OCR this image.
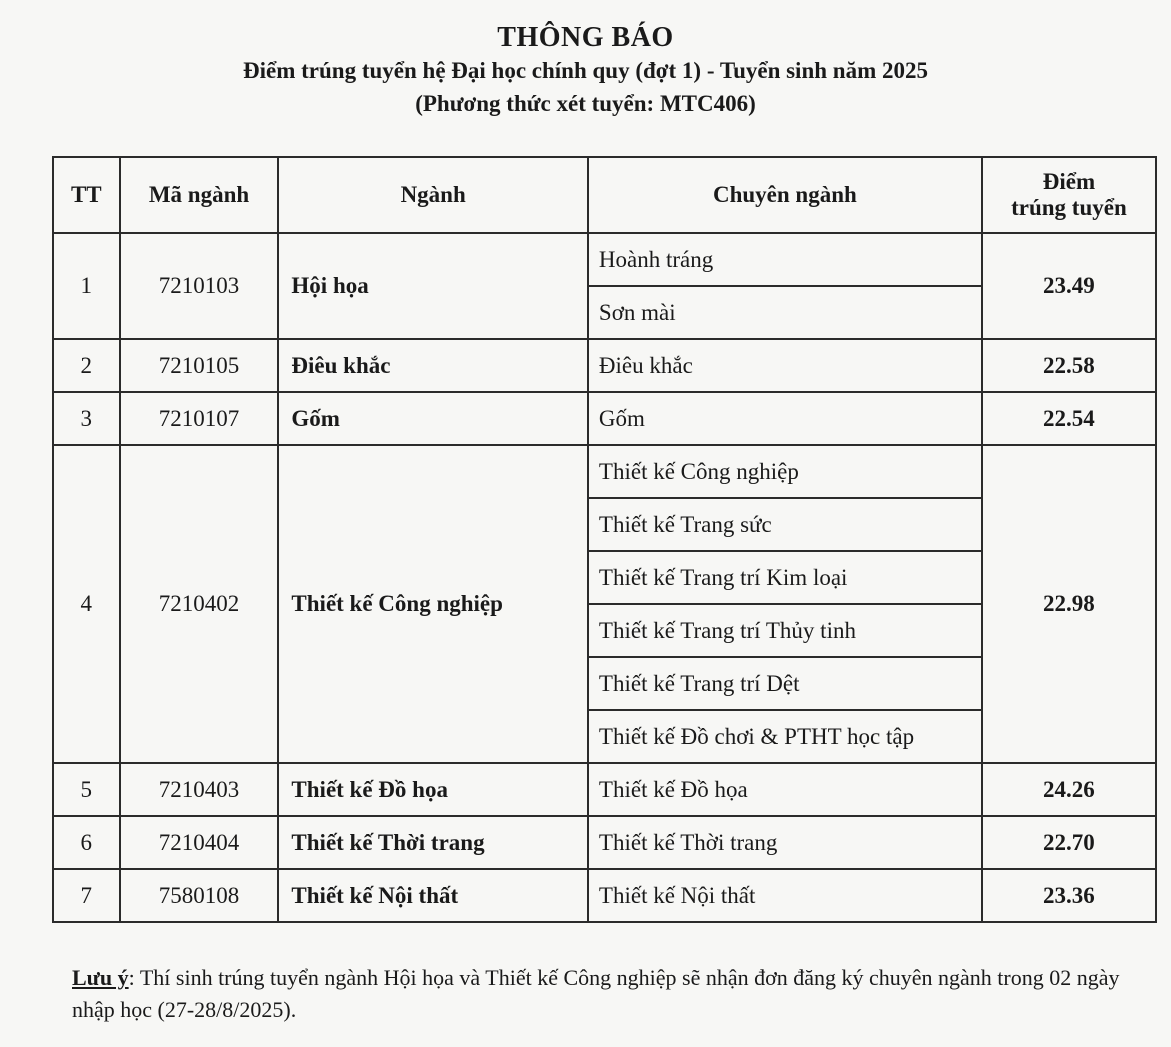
THÔNG BÁO
Điểm trúng tuyển hệ Đại học chính quy (đợt 1) - Tuyển sinh năm 2025
(Phương thức xét tuyển: MTC406)
TT	Mã ngành	Ngành	Chuyên ngành	Điểm
trúng tuyển

1	7210103	Hội họa	Hoành tráng	23.49
			Sơn mài	
2	7210105	Điêu khắc	Điêu khắc	22.58
3	7210107	Gốm	Gốm	22.54
4	7210402	Thiết kế Công nghiệp	Thiết kế Công nghiệp	22.98
			Thiết kế Trang sức	
			Thiết kế Trang trí Kim loại	
			Thiết kế Trang trí Thủy tinh	
			Thiết kế Trang trí Dệt	
			Thiết kế Đồ chơi & PTHT học tập	
5	7210403	Thiết kế Đồ họa	Thiết kế Đồ họa	24.26
6	7210404	Thiết kế Thời trang	Thiết kế Thời trang	22.70
7	7580108	Thiết kế Nội thất	Thiết kế Nội thất	23.36
Lưu ý: Thí sinh trúng tuyển ngành Hội họa và Thiết kế Công nghiệp sẽ nhận đơn đăng ký chuyên ngành trong 02 ngày nhập học (27-28/8/2025).
